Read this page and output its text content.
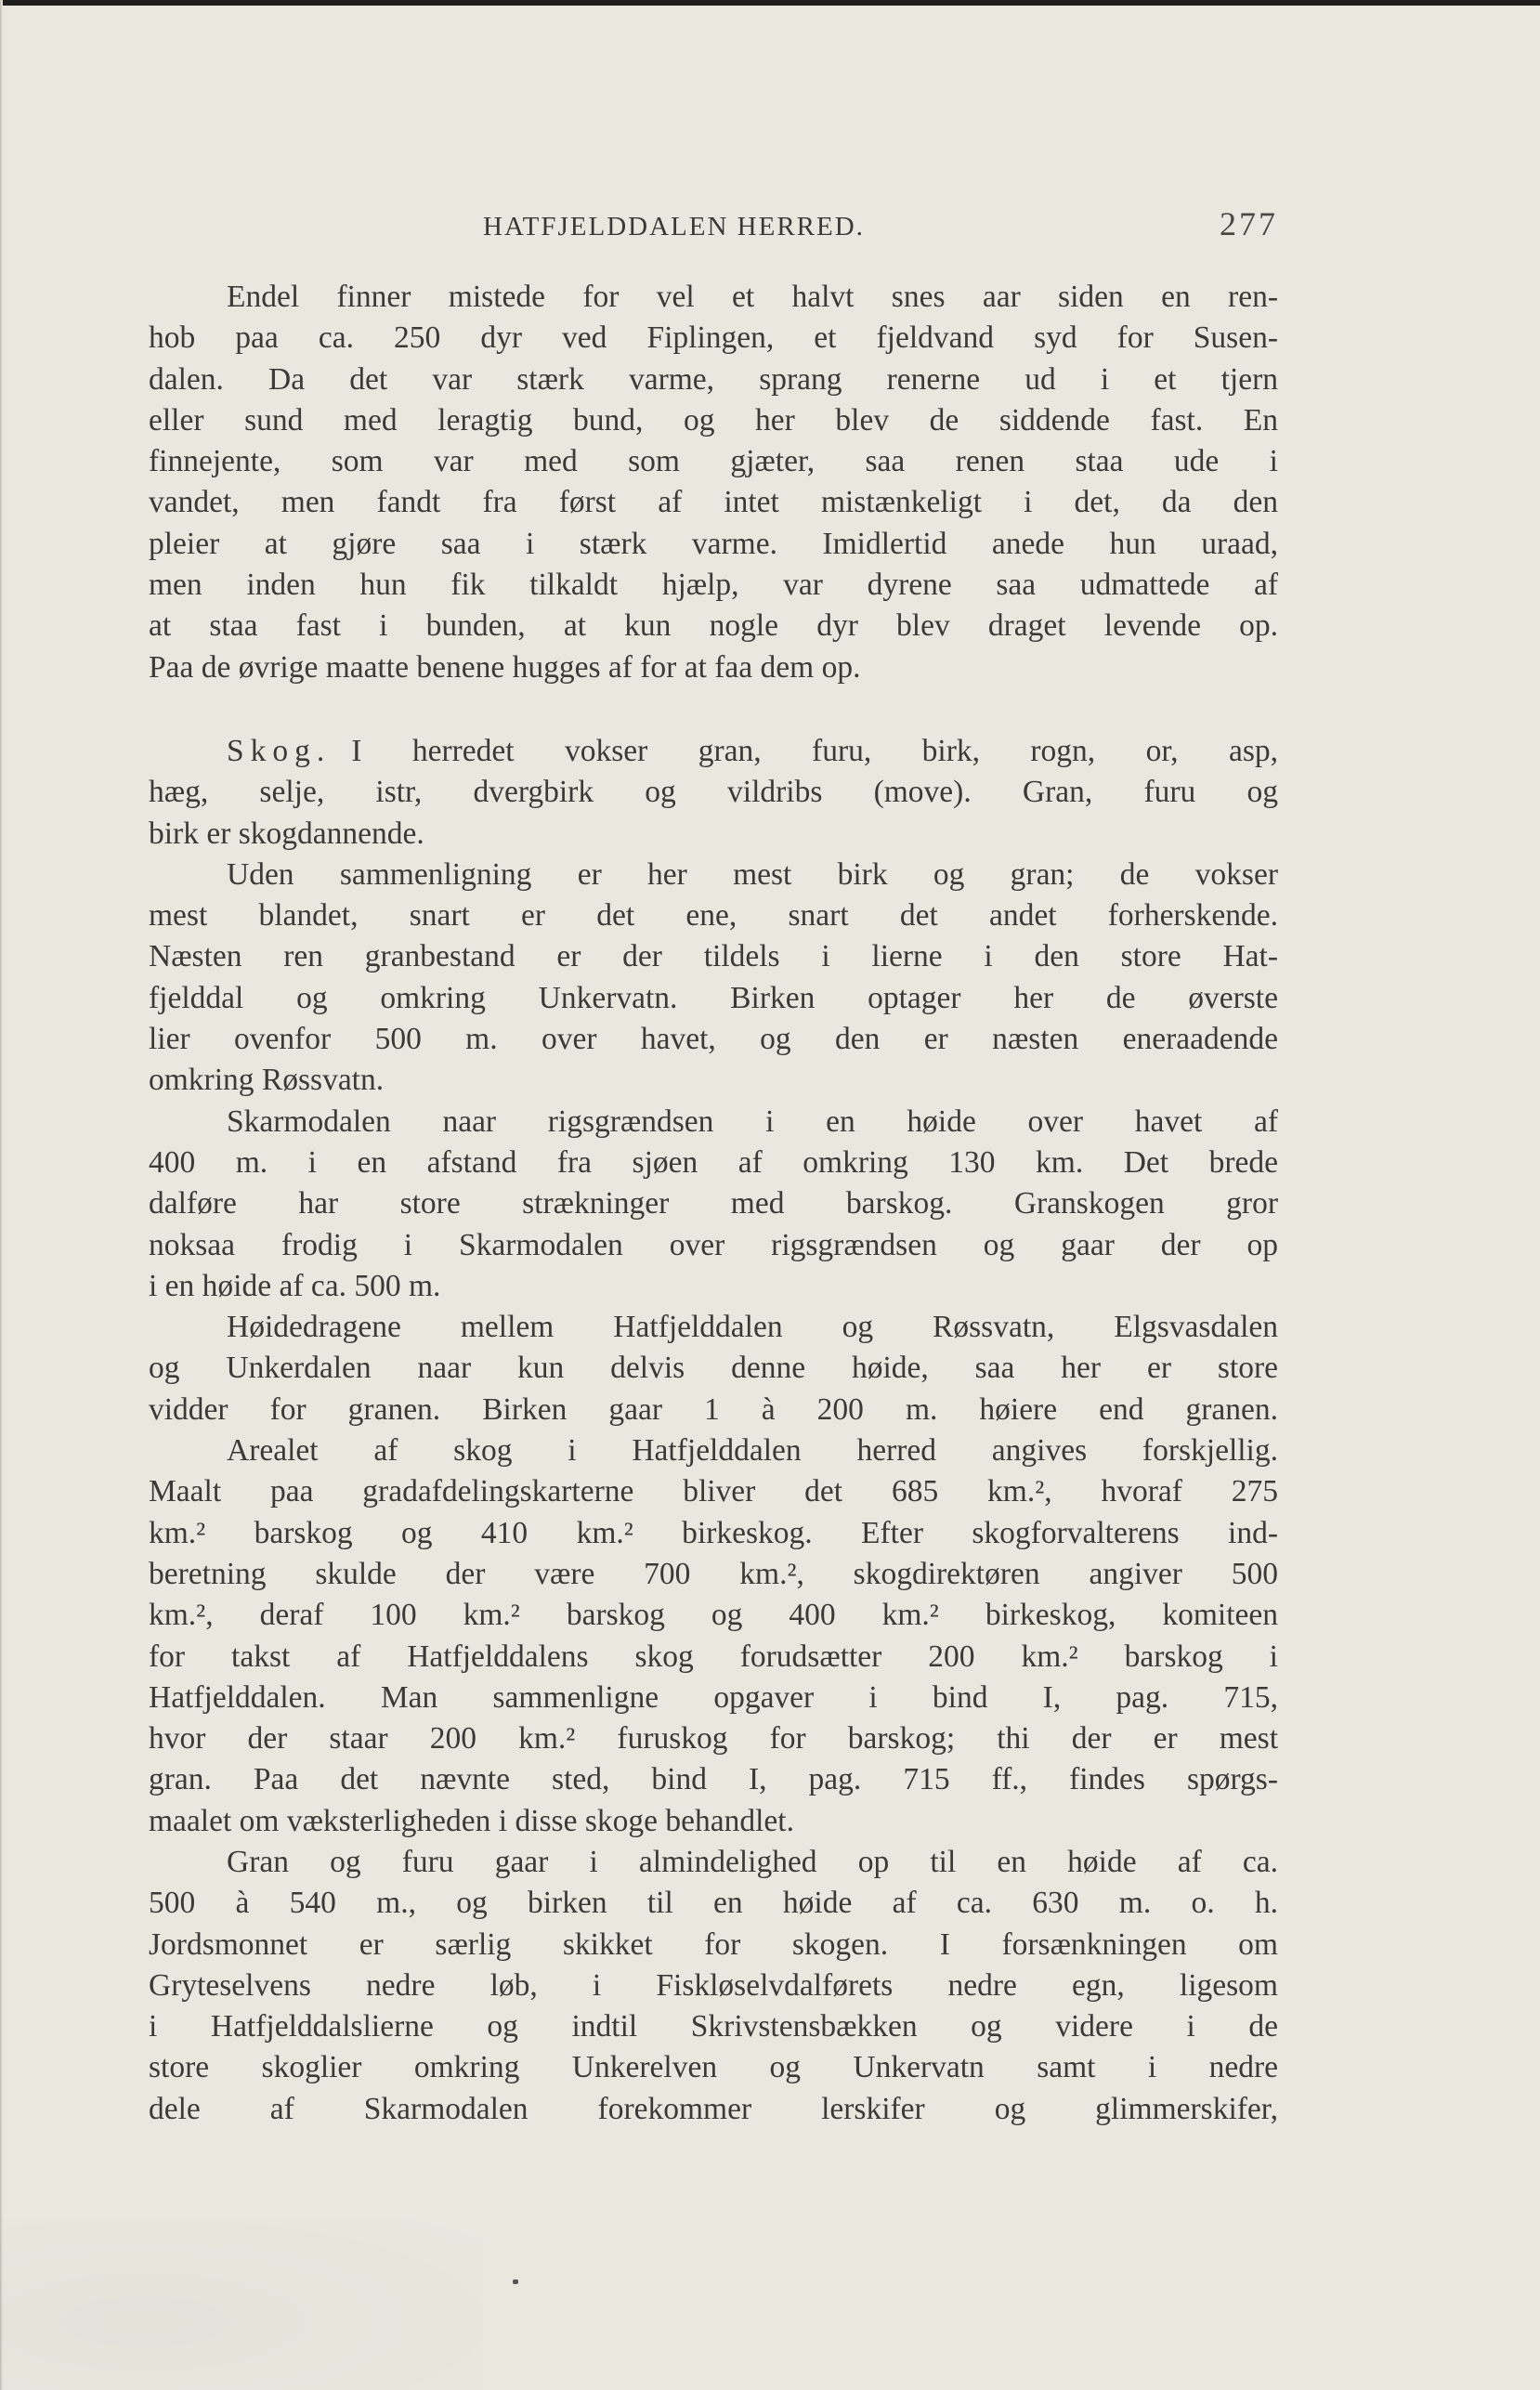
HATFJELDDALEN HERRED.	277
Endel finner mistede for vel et halvt snes aar siden en ren-
hob paa ca. 250 dyr ved Fiplingen, et fjeldvand syd for Susen-
dalen. Da det var stærk varme, sprang renerne ud i et tjern
eller sund med leragtig bund, og her blev de siddende fast. En
finnejente, som var med som gjæter, saa renen staa ude i
vandet, men fandt fra først af intet mistænkeligt i det, da den
pleier at gjøre saa i stærk varme. Imidlertid anede hun uraad,
men inden hun fik tilkaldt hjælp, var dyrene saa udmattede af
at staa fast i bunden, at kun nogle dyr blev draget levende op.
Paa de øvrige maatte benene hugges af for at faa dem op.
Skog. I herredet vokser gran, furu, birk, rogn, or, asp,
hæg, selje, istr, dvergbirk og vildribs (move). Gran, furu og
birk er skogdannende.
Uden sammenligning er her mest birk og gran; de vokser
mest blandet, snart er det ene, snart det andet forherskende.
Næsten ren granbestand er der tildels i lierne i den store Hat-
fjelddal og omkring Unkervatn. Birken optager her de øverste
lier ovenfor 500 m. over havet, og den er næsten eneraadende
omkring Røssvatn.
Skarmodalen naar rigsgrændsen i en høide over havet af
400 m. i en afstand fra sjøen af omkring 130 km. Det brede
dalføre har store strækninger med barskog. Granskogen gror
noksaa frodig i Skarmodalen over rigsgrændsen og gaar der op
i en høide af ca. 500 m.
Høidedragene mellem Hatfjelddalen og Røssvatn, Elgsvasdalen
og Unkerdalen naar kun delvis denne høide, saa her er store
vidder for granen. Birken gaar 1 à 200 m. høiere end granen.
Arealet af skog i Hatfjelddalen herred angives forskjellig.
Maalt paa gradafdelingskarterne bliver det 685 km.², hvoraf 275
km.² barskog og 410 km.² birkeskog. Efter skogforvalterens ind-
beretning skulde der være 700 km.², skogdirektøren angiver 500
km.², deraf 100 km.² barskog og 400 km.² birkeskog, komiteen
for takst af Hatfjelddalens skog forudsætter 200 km.² barskog i
Hatfjelddalen. Man sammenligne opgaver i bind I, pag. 715,
hvor der staar 200 km.² furuskog for barskog; thi der er mest
gran. Paa det nævnte sted, bind I, pag. 715 ff., findes spørgs-
maalet om væksterligheden i disse skoge behandlet.
Gran og furu gaar i almindelighed op til en høide af ca.
500 à 540 m., og birken til en høide af ca. 630 m. o. h.
Jordsmonnet er særlig skikket for skogen. I forsænkningen om
Gryteselvens nedre løb, i Fiskløselvdalførets nedre egn, ligesom
i Hatfjelddalslierne og indtil Skrivstensbækken og videre i de
store skoglier omkring Unkerelven og Unkervatn samt i nedre
dele af Skarmodalen forekommer lerskifer og glimmerskifer,
